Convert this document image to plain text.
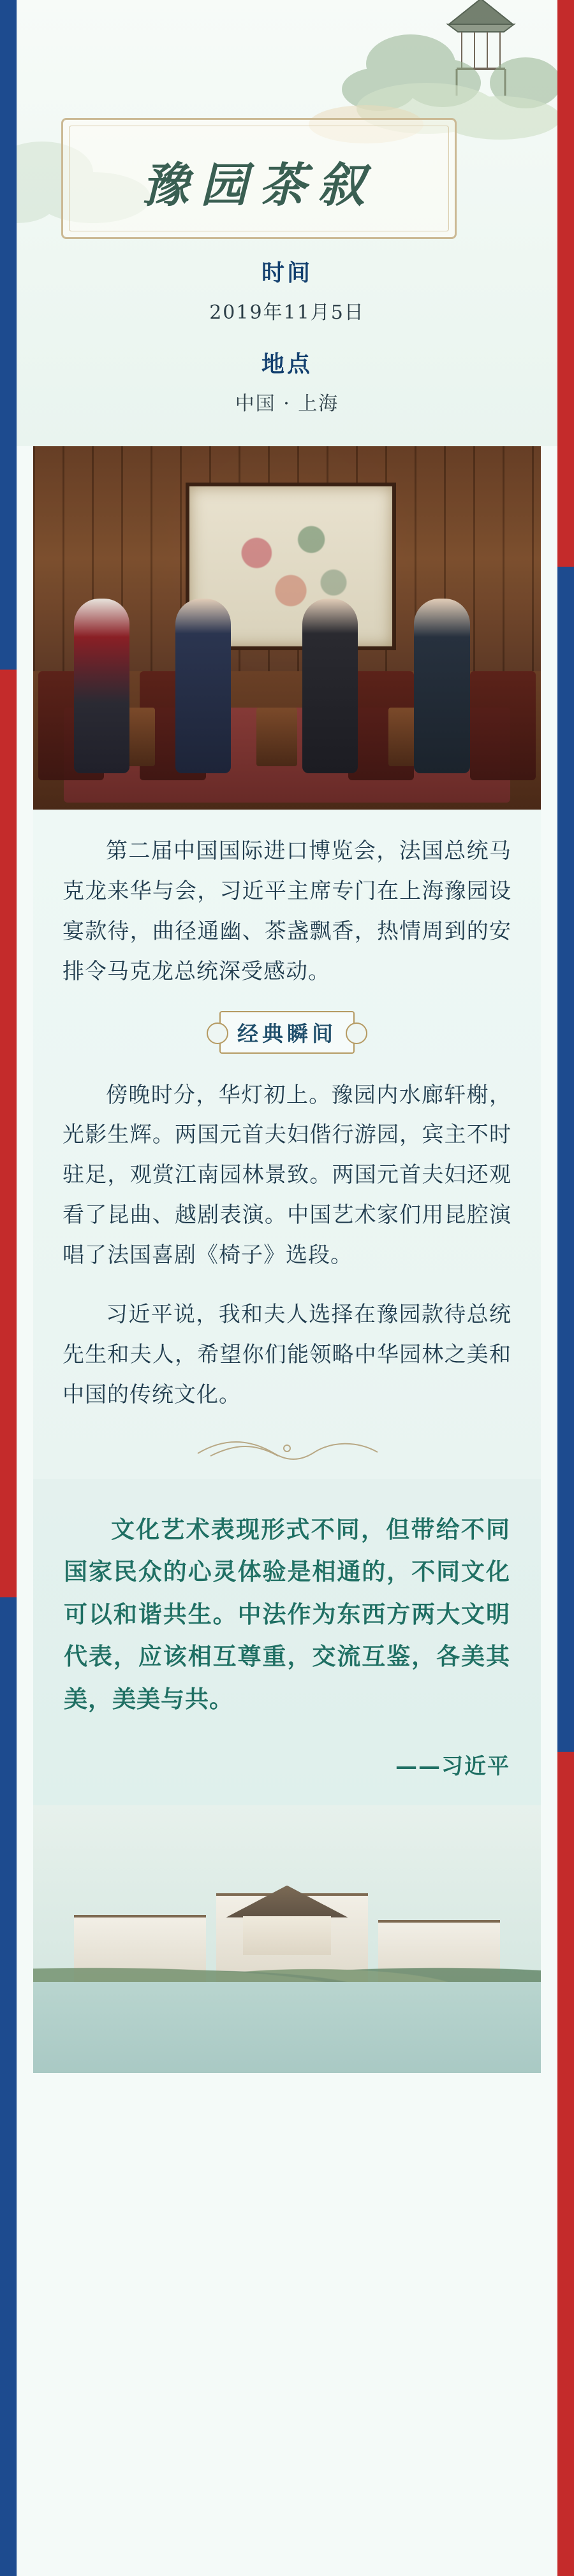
豫园茶叙

时间

2019年11月5日

地点

中国 · 上海

第二届中国国际进口博览会，法国总统马克龙来华与会，习近平主席专门在上海豫园设宴款待，曲径通幽、茶盏飘香，热情周到的安排令马克龙总统深受感动。

经典瞬间

傍晚时分，华灯初上。豫园内水廊轩榭，光影生辉。两国元首夫妇偕行游园，宾主不时驻足，观赏江南园林景致。两国元首夫妇还观看了昆曲、越剧表演。中国艺术家们用昆腔演唱了法国喜剧《椅子》选段。

习近平说，我和夫人选择在豫园款待总统先生和夫人，希望你们能领略中华园林之美和中国的传统文化。

文化艺术表现形式不同，但带给不同国家民众的心灵体验是相通的，不同文化可以和谐共生。中法作为东西方两大文明代表，应该相互尊重，交流互鉴，各美其美，美美与共。

——习近平
